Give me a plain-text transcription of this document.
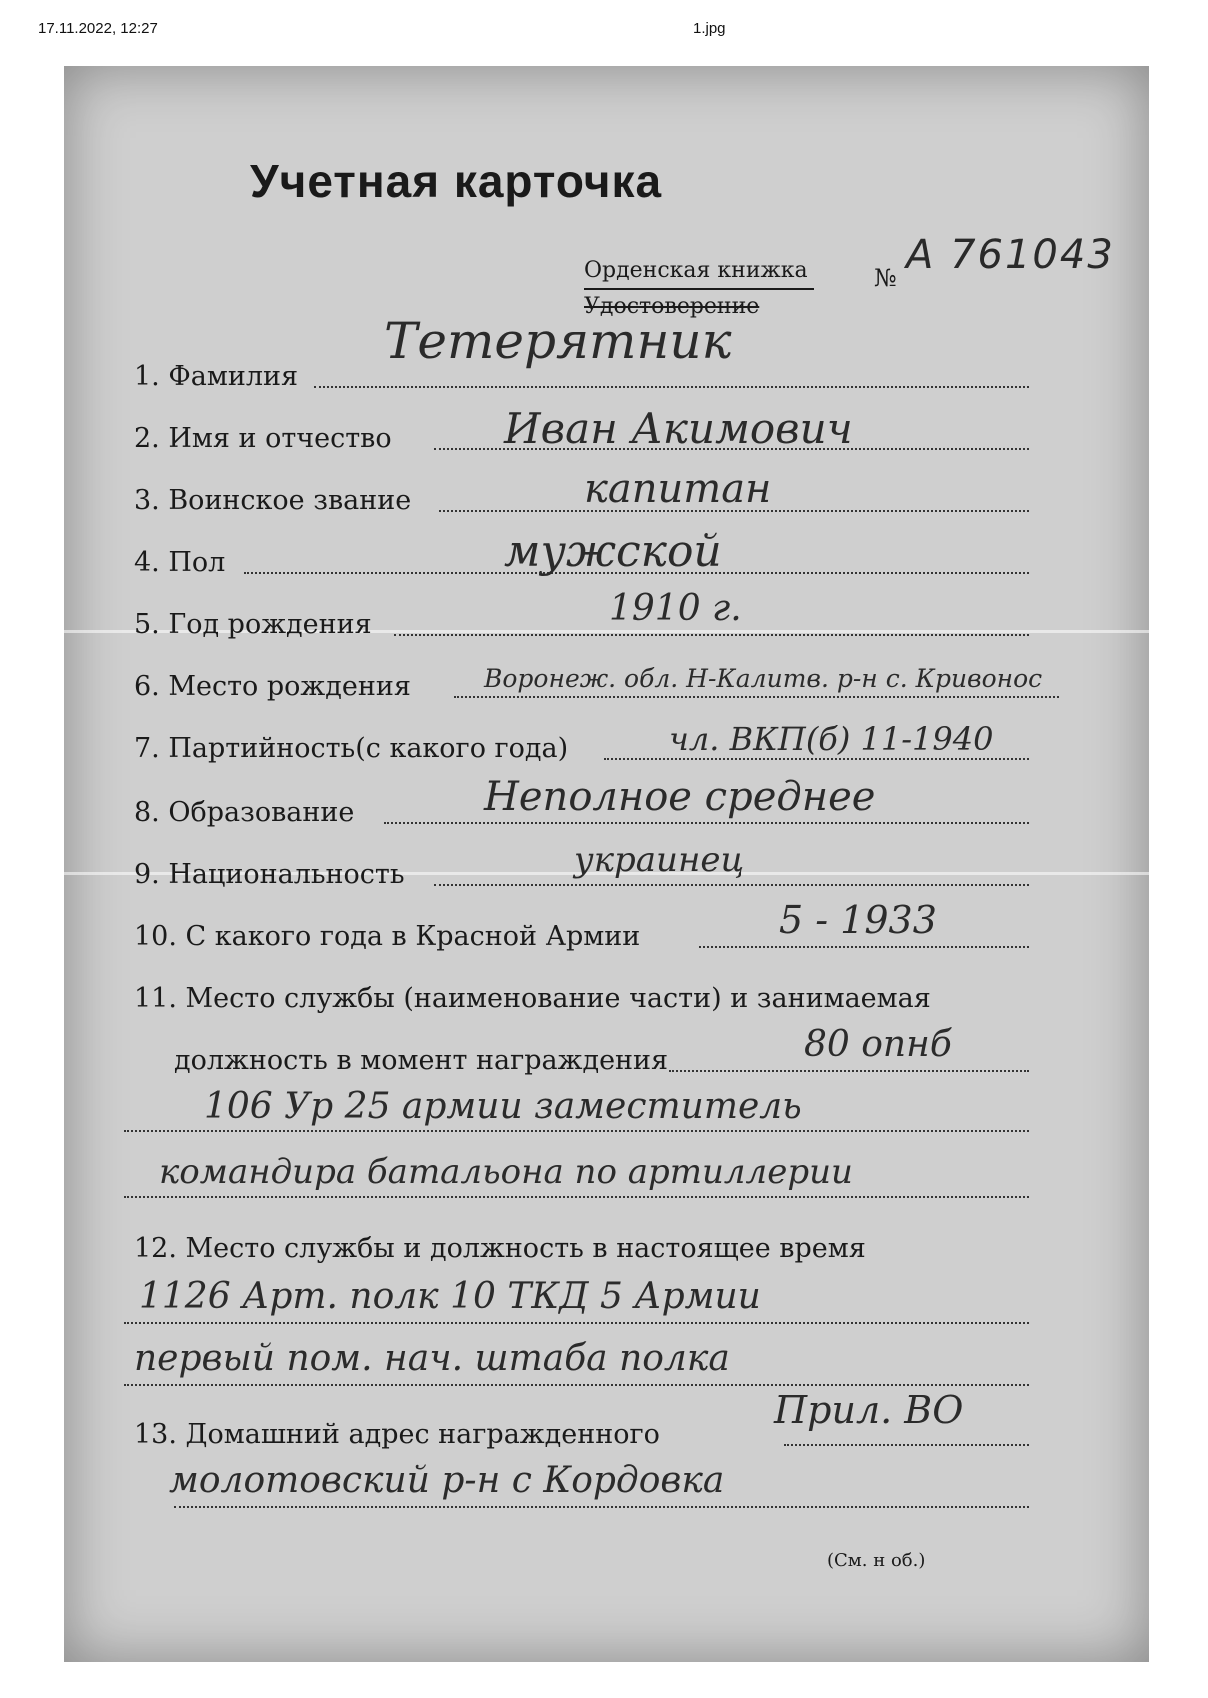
17.11.2022, 12:27	1.jpg
Учетная карточка
Орденская книжка
Удостоверение
№ А 761043
1. Фамилия
Тетерятник
2. Имя и отчество	Иван Акимович
3. Воинское звание	капитан
4. Пол	мужской
5. Год рождения	1910 г.
6. Место рождения	Воронеж. обл. Н-Калитв. р-н с. Кривонос
7. Партийность(с какого года)	чл. ВКП(б) 11-1940
8. Образование	Неполное среднее
9. Национальность	украинец
10. С какого года в Красной Армии	5 - 1933
11. Место службы (наименование части) и занимаемая
должность в момент награждения	80 опнб
106 Ур 25 армии заместитель
командира батальона по артиллерии
12. Место службы и должность в настоящее время
1126 Арт. полк 10 ТКД 5 Армии
первый пом. нач. штаба полка
13. Домашний адрес награжденного
Прил. ВО
молотовский р-н с Кордовка
(См. н об.)
